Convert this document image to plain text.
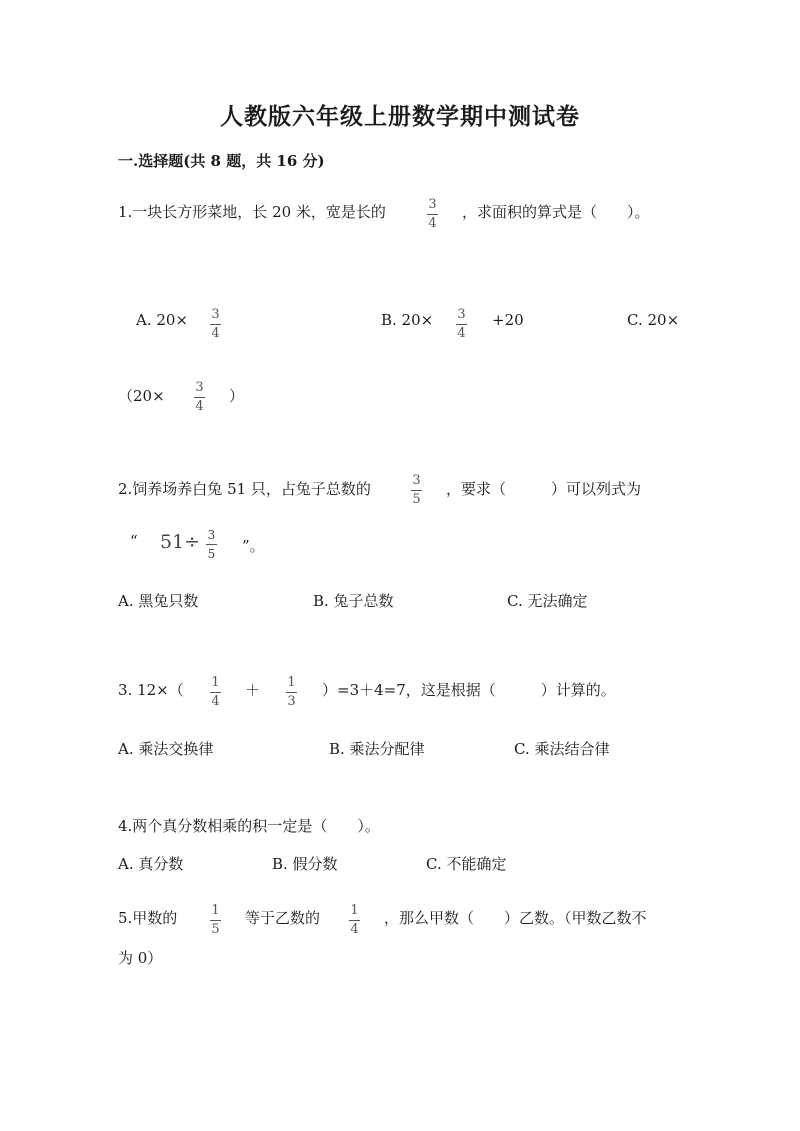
人教版六年级上册数学期中测试卷
一.选择题(共 8 题，共 16 分)
1.一块长方形菜地，长 20 米，宽是长的	3
4
，求面积的算式是（　　）。
A. 20× 3
4
B. 20× 3
4
+20	C. 20×
（20× 3
4
）
2.饲养场养白兔 51 只，占兔子总数的	3
5
，要求（　　　）可以列式为
“ 51÷ 3
5 ”。
A. 黑兔只数	B. 兔子总数	C. 无法确定
3. 12×（ 1
4
＋ 1
3
）=3＋4=7，这是根据（　　　）计算的。
A. 乘法交换律	B. 乘法分配律	C. 乘法结合律
4.两个真分数相乘的积一定是（　　）。
A. 真分数	B. 假分数	C. 不能确定
5.甲数的	1
5
等于乙数的 1
4
，那么甲数（　　）乙数。（甲数乙数不
为 0）
